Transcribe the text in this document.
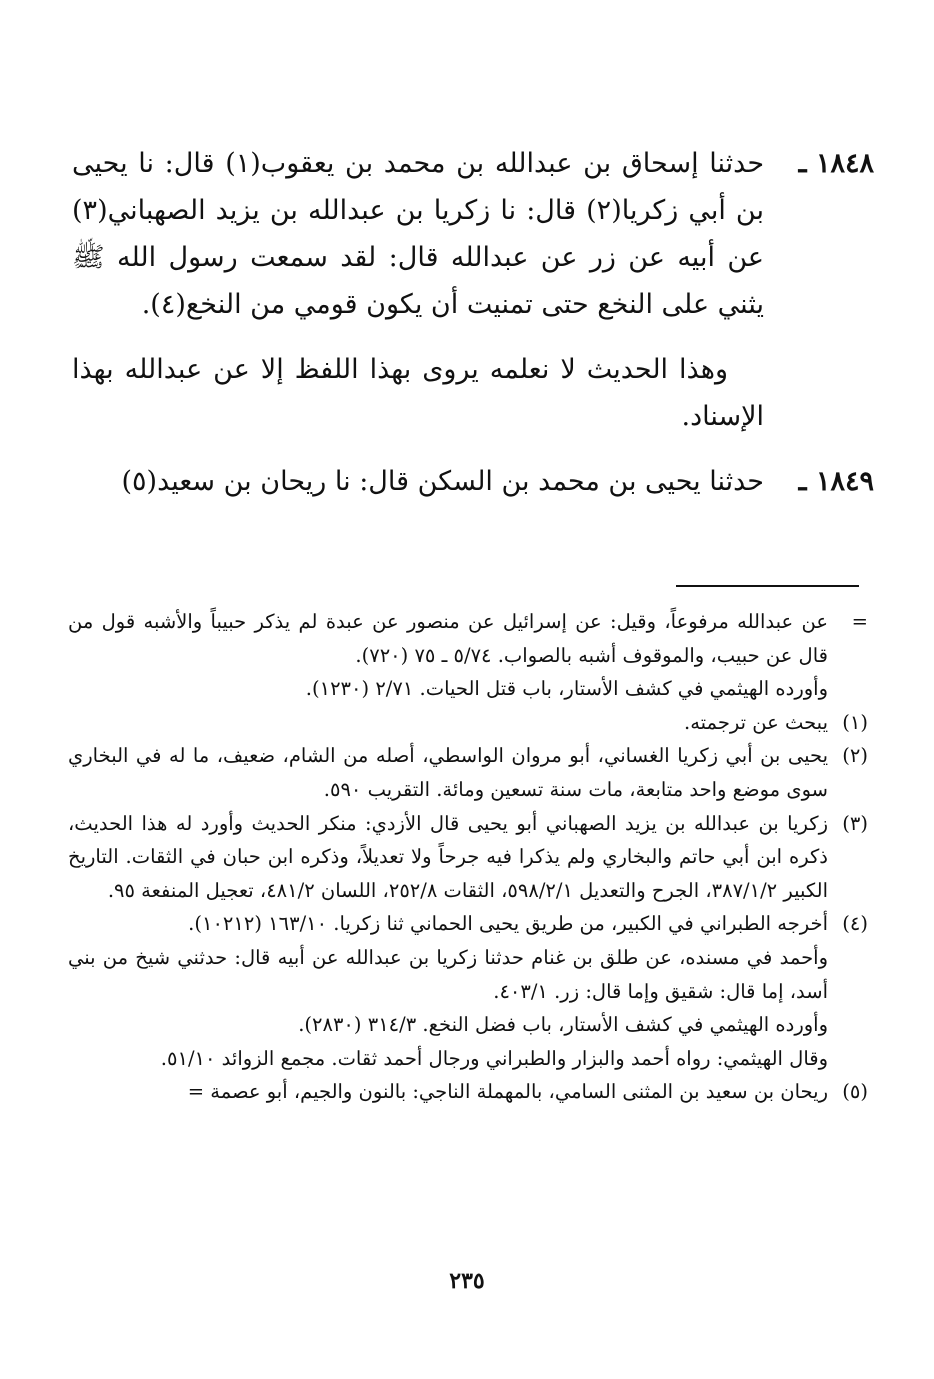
١٨٤٨ ـ
حدثنا إسحاق بن عبدالله بن محمد بن يعقوب(١) قال: نا يحيى بن أبي زكريا(٢) قال: نا زكريا بن عبدالله بن يزيد الصهباني(٣) عن أبيه عن زر عن عبدالله قال: لقد سمعت رسول الله ﷺ يثني على النخع حتى تمنيت أن يكون قومي من النخع(٤).

وهذا الحديث لا نعلمه يروى بهذا اللفظ إلا عن عبدالله بهذا الإسناد.

١٨٤٩ ـ
حدثنا يحيى بن محمد بن السكن قال: نا ريحان بن سعيد(٥)

=
عن عبدالله مرفوعاً، وقيل: عن إسرائيل عن منصور عن عبدة لم يذكر حبيباً والأشبه قول من قال عن حبيب، والموقوف أشبه بالصواب. ٥/٧٤ ـ ٧٥ (٧٢٠).

وأورده الهيثمي في كشف الأستار، باب قتل الحيات. ٢/٧١ (١٢٣٠).

(١)
يبحث عن ترجمته.

(٢)
يحيى بن أبي زكريا الغساني، أبو مروان الواسطي، أصله من الشام، ضعيف، ما له في البخاري سوى موضع واحد متابعة، مات سنة تسعين ومائة. التقريب ٥٩٠.

(٣)
زكريا بن عبدالله بن يزيد الصهباني أبو يحيى قال الأزدي: منكر الحديث وأورد له هذا الحديث، ذكره ابن أبي حاتم والبخاري ولم يذكرا فيه جرحاً ولا تعديلاً، وذكره ابن حبان في الثقات. التاريخ الكبير ٣٨٧/١/٢، الجرح والتعديل ٥٩٨/٢/١، الثقات ٢٥٢/٨، اللسان ٤٨١/٢، تعجيل المنفعة ٩٥.

(٤)
أخرجه الطبراني في الكبير، من طريق يحيى الحماني ثنا زكريا. ١٦٣/١٠ (١٠٢١٢).

وأحمد في مسنده، عن طلق بن غنام حدثنا زكريا بن عبدالله عن أبيه قال: حدثني شيخ من بني أسد، إما قال: شقيق وإما قال: زر. ٤٠٣/١.

وأورده الهيثمي في كشف الأستار، باب فضل النخع. ٣١٤/٣ (٢٨٣٠).

وقال الهيثمي: رواه أحمد والبزار والطبراني ورجال أحمد ثقات. مجمع الزوائد ٥١/١٠.

(٥)
ريحان بن سعيد بن المثنى السامي، بالمهملة الناجي: بالنون والجيم، أبو عصمة =

٢٣٥
